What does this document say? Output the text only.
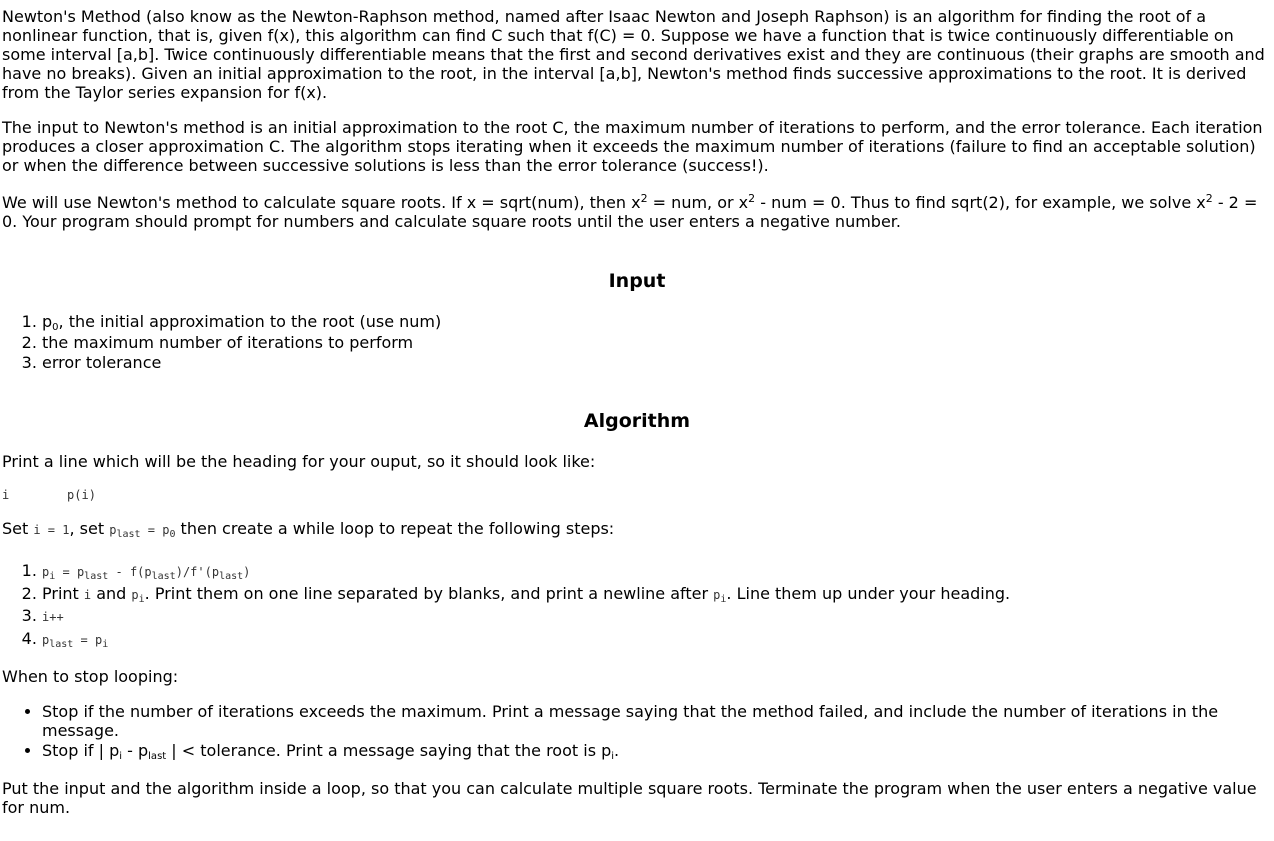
Newton's Method (also know as the Newton-Raphson method, named after Isaac Newton and Joseph Raphson) is an algorithm for finding the root of a nonlinear function, that is, given f(x), this algorithm can find C such that f(C) = 0. Suppose we have a function that is twice continuously differentiable on some interval [a,b]. Twice continuously differentiable means that the first and second derivatives exist and they are continuous (their graphs are smooth and have no breaks). Given an initial approximation to the root, in the interval [a,b], Newton's method finds successive approximations to the root. It is derived from the Taylor series expansion for f(x).

The input to Newton's method is an initial approximation to the root C, the maximum number of iterations to perform, and the error tolerance. Each iteration produces a closer approximation C. The algorithm stops iterating when it exceeds the maximum number of iterations (failure to find an acceptable solution) or when the difference between successive solutions is less than the error tolerance (success!).

We will use Newton's method to calculate square roots. If x = sqrt(num), then $x^2$ = num, or $x^2$ - num = 0. Thus to find sqrt(2), for example, we solve $x^2 - 2 = 0$. Your program should prompt for numbers and calculate square roots until the user enters a negative number.

Input
1. $p_0$, the initial approximation to the root (use num)
2. the maximum number of iterations to perform
3. error tolerance
Algorithm

Print a line which will be the heading for your ouput, so it should look like:

i        p(i)

Set i = 1, set $p_{last} = p_0$ then create a while loop to repeat the following steps:

1. $p_i = p_{last} - f(p_{last})/f'(p_{last})$
2. Print i and $p_i$. Print them on one line separated by blanks, and print a newline after $p_i$. Line them up under your heading.
3. i++
4. $p_{last} = p_i$

When to stop looping:

• Stop if the number of iterations exceeds the maximum. Print a message saying that the method failed, and include the number of iterations in the message.
• Stop if | $p_i - p_{last}$ | < tolerance. Print a message saying that the root is $p_i$.

Put the input and the algorithm inside a loop, so that you can calculate multiple square roots. Terminate the program when the user enters a negative value for num.
